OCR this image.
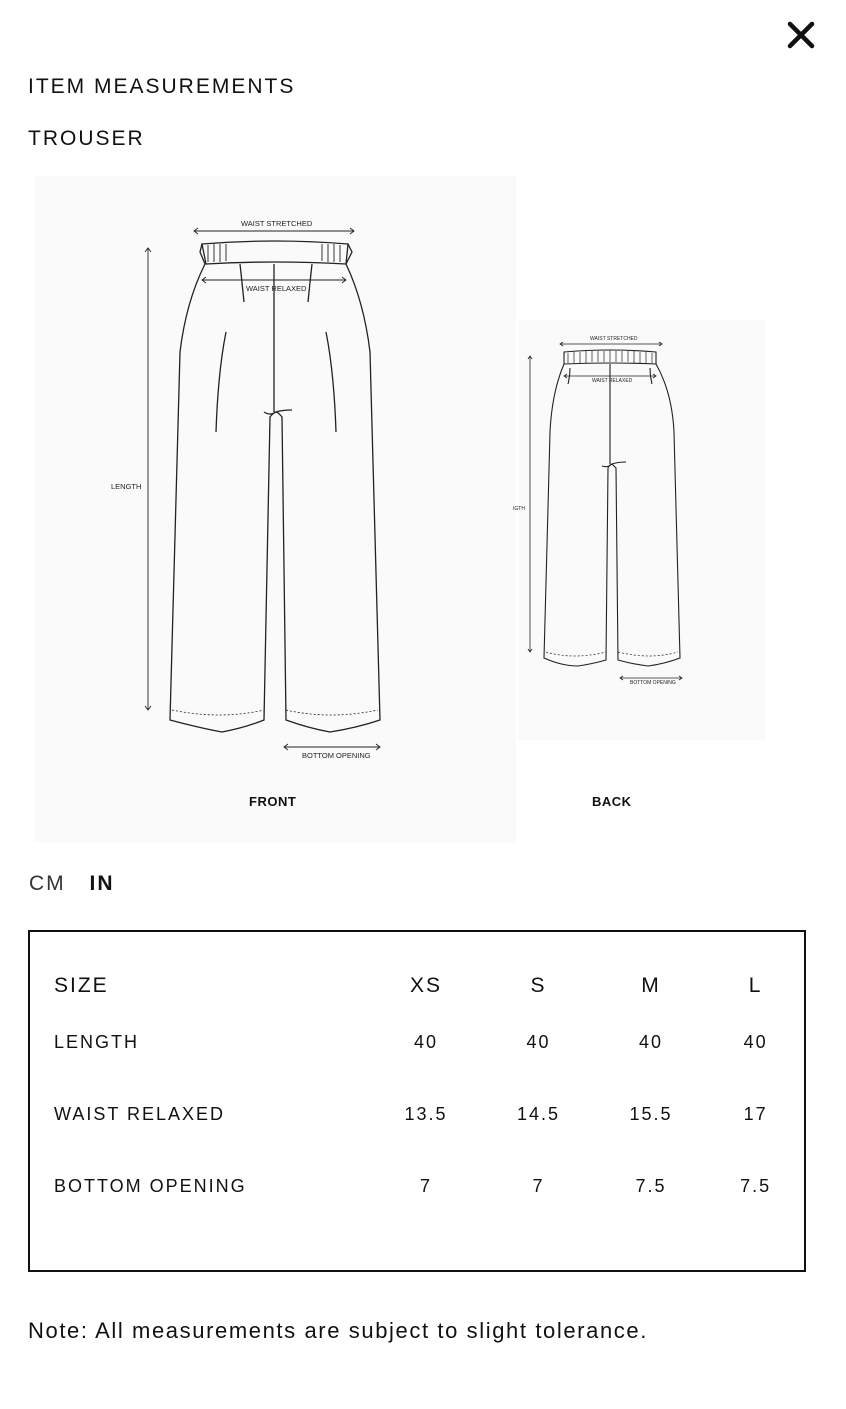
ITEM MEASUREMENTS
TROUSER
WAIST STRETCHED
WAIST RELAXED
LENGTH
BOTTOM OPENING
WAIST STRETCHED
WAIST RELAXED
IGTH
BOTTOM OPENING
FRONT	BACK
CM IN
SIZE	XS	S	M	L
LENGTH	40	40	40	40
WAIST RELAXED	13.5	14.5	15.5	17
BOTTOM OPENING	7	7	7.5	7.5
Note: All measurements are subject to slight tolerance.
